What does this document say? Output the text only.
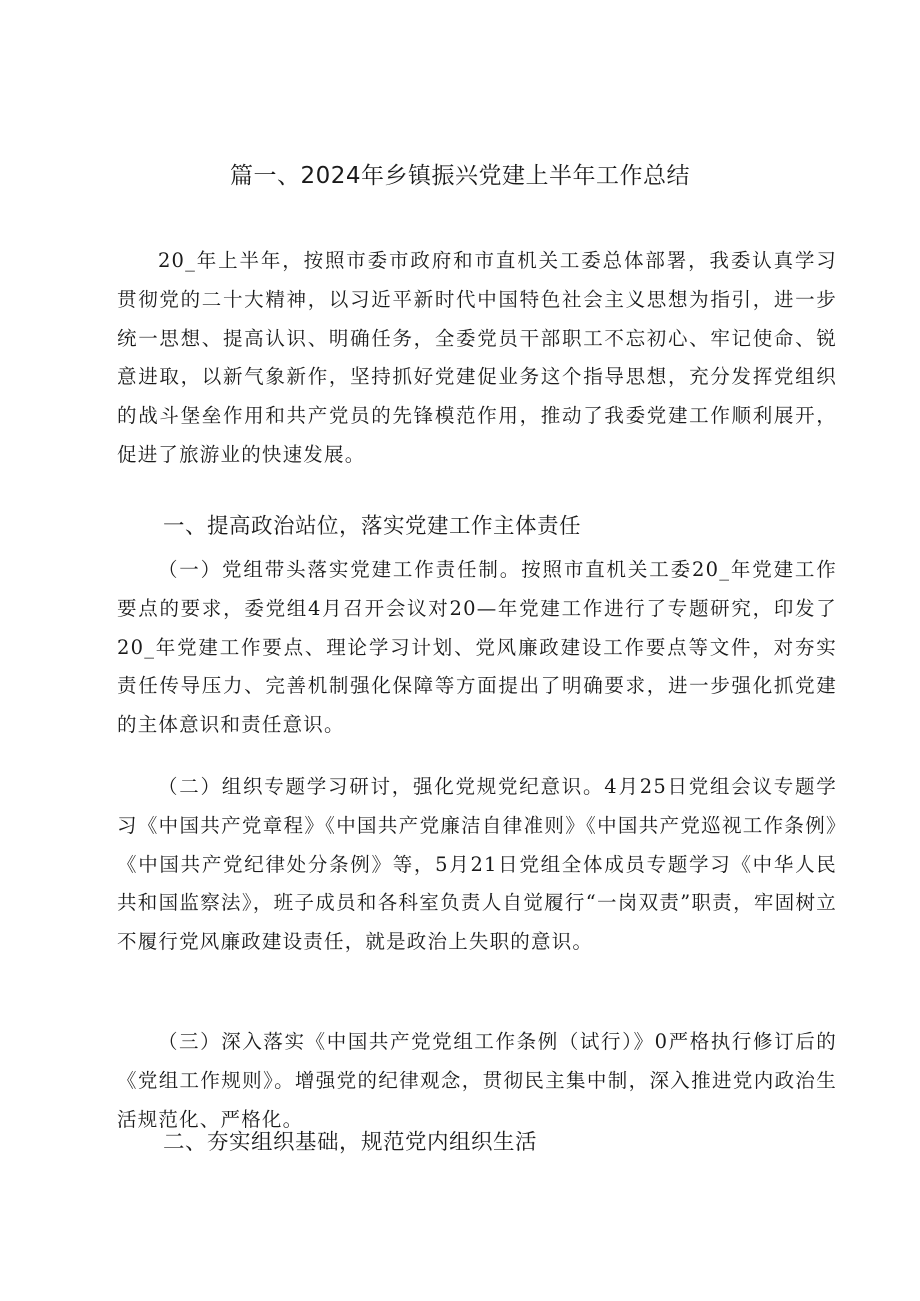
篇一、2024年乡镇振兴党建上半年工作总结

20_年上半年，按照市委市政府和市直机关工委总体部署，我委认真学习贯彻党的二十大精神，以习近平新时代中国特色社会主义思想为指引，进一步统一思想、提高认识、明确任务，全委党员干部职工不忘初心、牢记使命、锐意进取，以新气象新作，坚持抓好党建促业务这个指导思想，充分发挥党组织的战斗堡垒作用和共产党员的先锋模范作用，推动了我委党建工作顺利展开，促进了旅游业的快速发展。

一、提高政治站位，落实党建工作主体责任

（一）党组带头落实党建工作责任制。按照市直机关工委20_年党建工作要点的要求，委党组4月召开会议对20—年党建工作进行了专题研究，印发了20_年党建工作要点、理论学习计划、党风廉政建设工作要点等文件，对夯实责任传导压力、完善机制强化保障等方面提出了明确要求，进一步强化抓党建的主体意识和责任意识。

（二）组织专题学习研讨，强化党规党纪意识。4月25日党组会议专题学习《中国共产党章程》《中国共产党廉洁自律准则》《中国共产党巡视工作条例》《中国共产党纪律处分条例》等，5月21日党组全体成员专题学习《中华人民共和国监察法》，班子成员和各科室负责人自觉履行“一岗双责”职责，牢固树立不履行党风廉政建设责任，就是政治上失职的意识。

（三）深入落实《中国共产党党组工作条例（试行）》0严格执行修订后的《党组工作规则》。增强党的纪律观念，贯彻民主集中制，深入推进党内政治生活规范化、严格化。

二、夯实组织基础，规范党内组织生活
